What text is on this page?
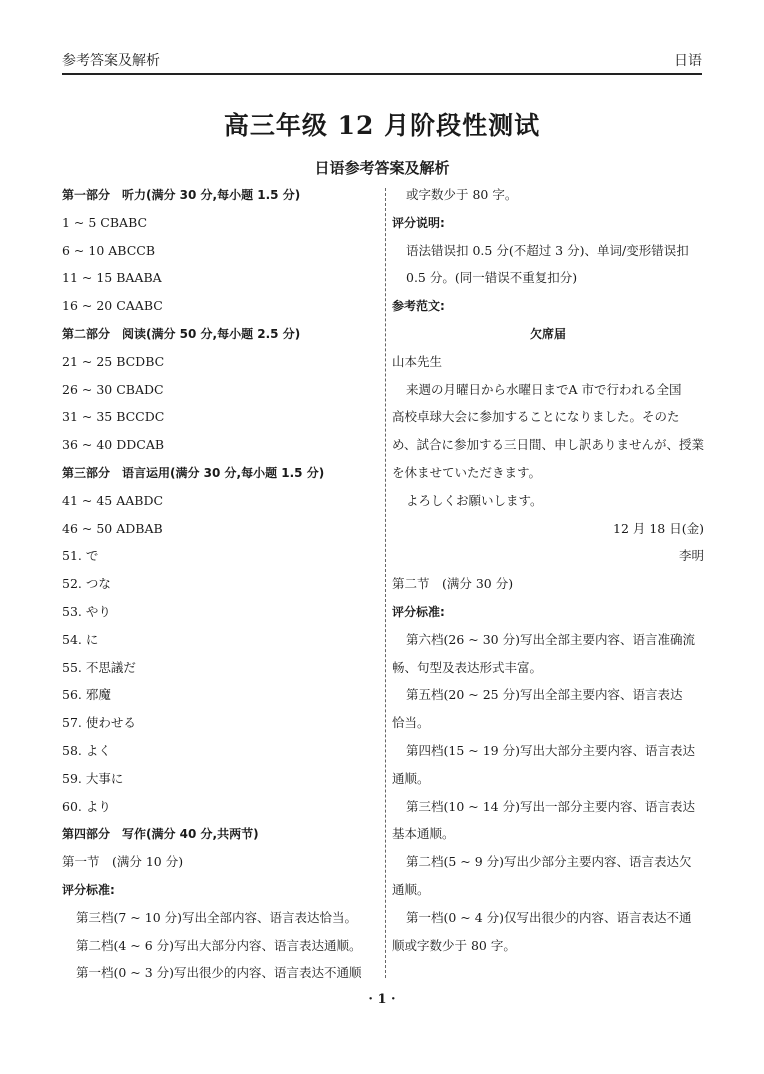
参考答案及解析	日语
高三年级 12 月阶段性测试
日语参考答案及解析
第一部分　听力(满分 30 分,每小题 1.5 分)
1 ~ 5 CBABC
6 ~ 10 ABCCB
11 ~ 15 BAABA
16 ~ 20 CAABC
第二部分　阅读(满分 50 分,每小题 2.5 分)
21 ~ 25 BCDBC
26 ~ 30 CBADC
31 ~ 35 BCCDC
36 ~ 40 DDCAB
第三部分　语言运用(满分 30 分,每小题 1.5 分)
41 ~ 45 AABDC
46 ~ 50 ADBAB
51. で
52. つな
53. やり
54. に
55. 不思議だ
56. 邪魔
57. 使わせる
58. よく
59. 大事に
60. より
第四部分　写作(满分 40 分,共两节)
第一节　(满分 10 分)
评分标准:
第三档(7 ~ 10 分)写出全部内容、语言表达恰当。
第二档(4 ~ 6 分)写出大部分内容、语言表达通顺。
第一档(0 ~ 3 分)写出很少的内容、语言表达不通顺
或字数少于 80 字。
评分说明:
语法错误扣 0.5 分(不超过 3 分)、单词/变形错误扣
0.5 分。(同一错误不重复扣分)
参考范文:
欠席届
山本先生
来週の月曜日から水曜日までA 市で行われる全国
高校卓球大会に参加することになりました。そのた
め、試合に参加する三日間、申し訳ありませんが、授業
を休ませていただきます。
よろしくお願いします。
12 月 18 日(金)
李明
第二节　(满分 30 分)
评分标准:
第六档(26 ~ 30 分)写出全部主要内容、语言准确流
畅、句型及表达形式丰富。
第五档(20 ~ 25 分)写出全部主要内容、语言表达
恰当。
第四档(15 ~ 19 分)写出大部分主要内容、语言表达
通顺。
第三档(10 ~ 14 分)写出一部分主要内容、语言表达
基本通顺。
第二档(5 ~ 9 分)写出少部分主要内容、语言表达欠
通顺。
第一档(0 ~ 4 分)仅写出很少的内容、语言表达不通
顺或字数少于 80 字。
· 1 ·
